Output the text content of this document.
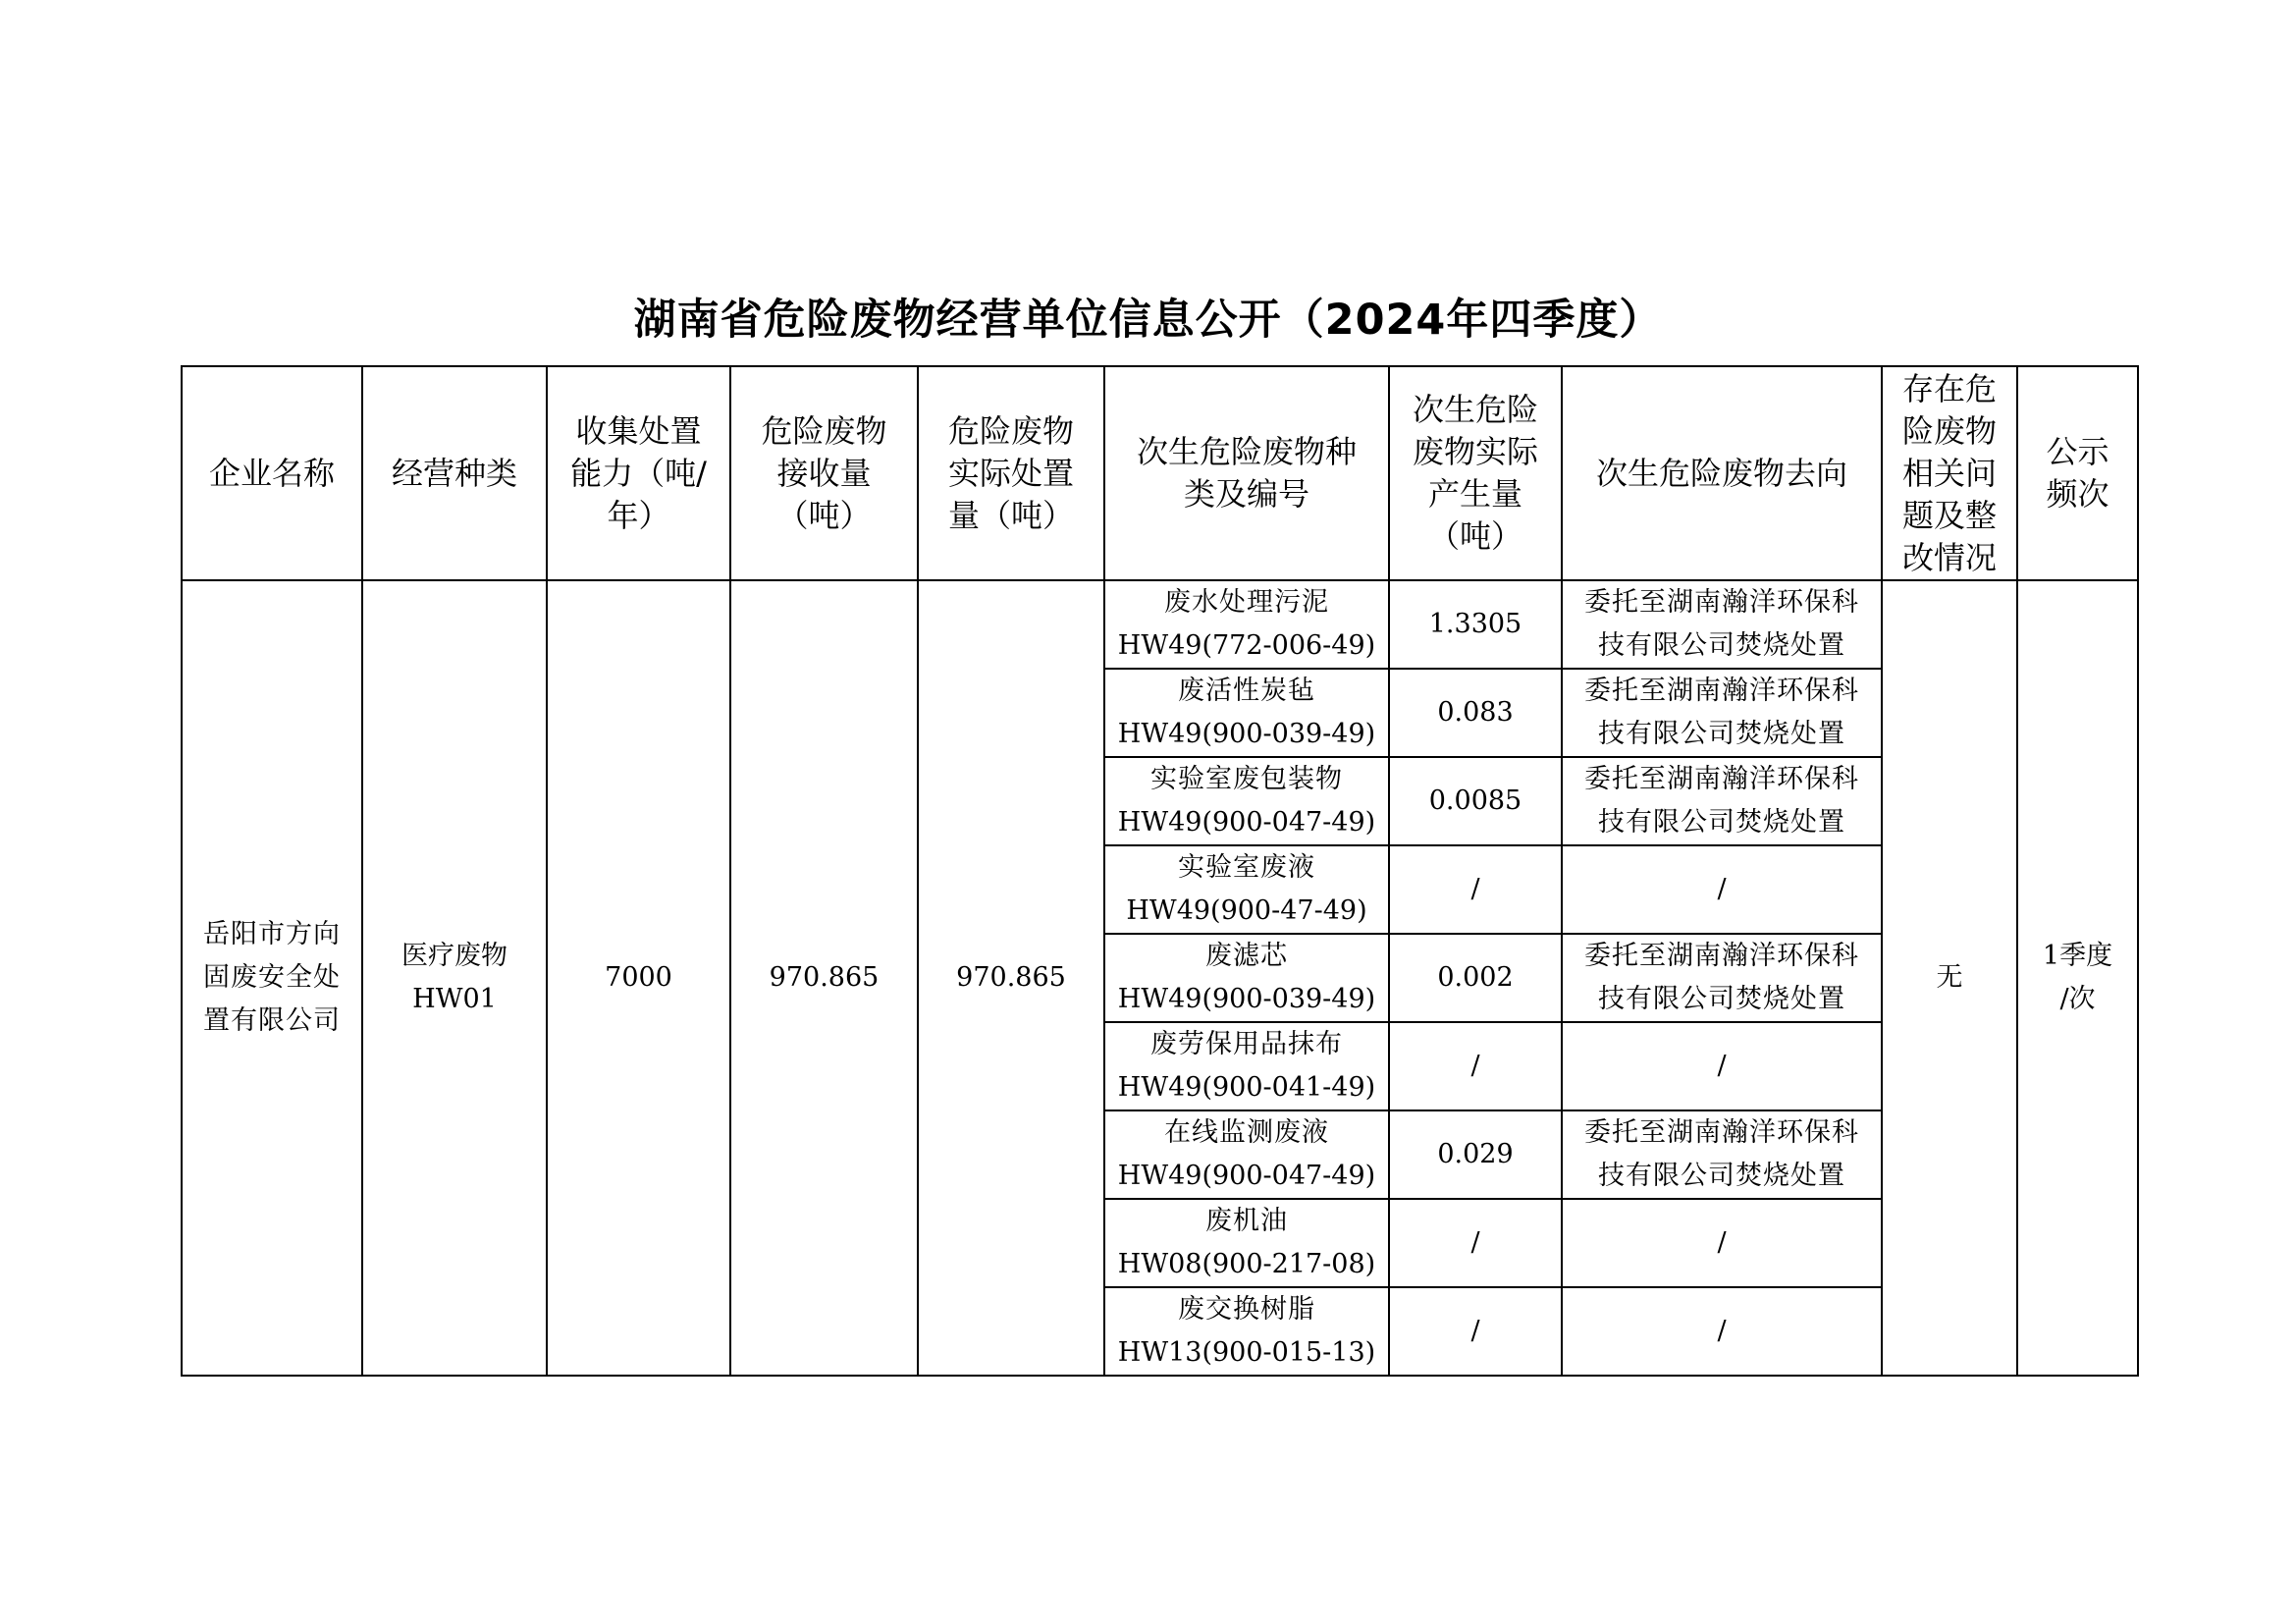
湖南省危险废物经营单位信息公开（2024年四季度）
企业名称	经营种类	收集处置
能力（吨/
年）	危险废物
接收量
（吨）	危险废物
实际处置
量（吨）	次生危险废物种
类及编号	次生危险
废物实际
产生量
（吨）	次生危险废物去向	存在危
险废物
相关问
题及整
改情况	公示
频次

岳阳市方向
固废安全处
置有限公司	医疗废物
HW01	7000	970.865	970.865	废水处理污泥
HW49(772-006-49)	1.3305	委托至湖南瀚洋环保科
技有限公司焚烧处置	无	1季度
/次

					废活性炭毡
HW49(900-039-49)	0.083	委托至湖南瀚洋环保科
技有限公司焚烧处置		

					实验室废包装物
HW49(900-047-49)	0.0085	委托至湖南瀚洋环保科
技有限公司焚烧处置		

					实验室废液
HW49(900-47-49)	/	/		

					废滤芯
HW49(900-039-49)	0.002	委托至湖南瀚洋环保科
技有限公司焚烧处置		

					废劳保用品抹布
HW49(900-041-49)	/	/		

					在线监测废液
HW49(900-047-49)	0.029	委托至湖南瀚洋环保科
技有限公司焚烧处置		

					废机油
HW08(900-217-08)	/	/		

					废交换树脂
HW13(900-015-13)	/	/		
